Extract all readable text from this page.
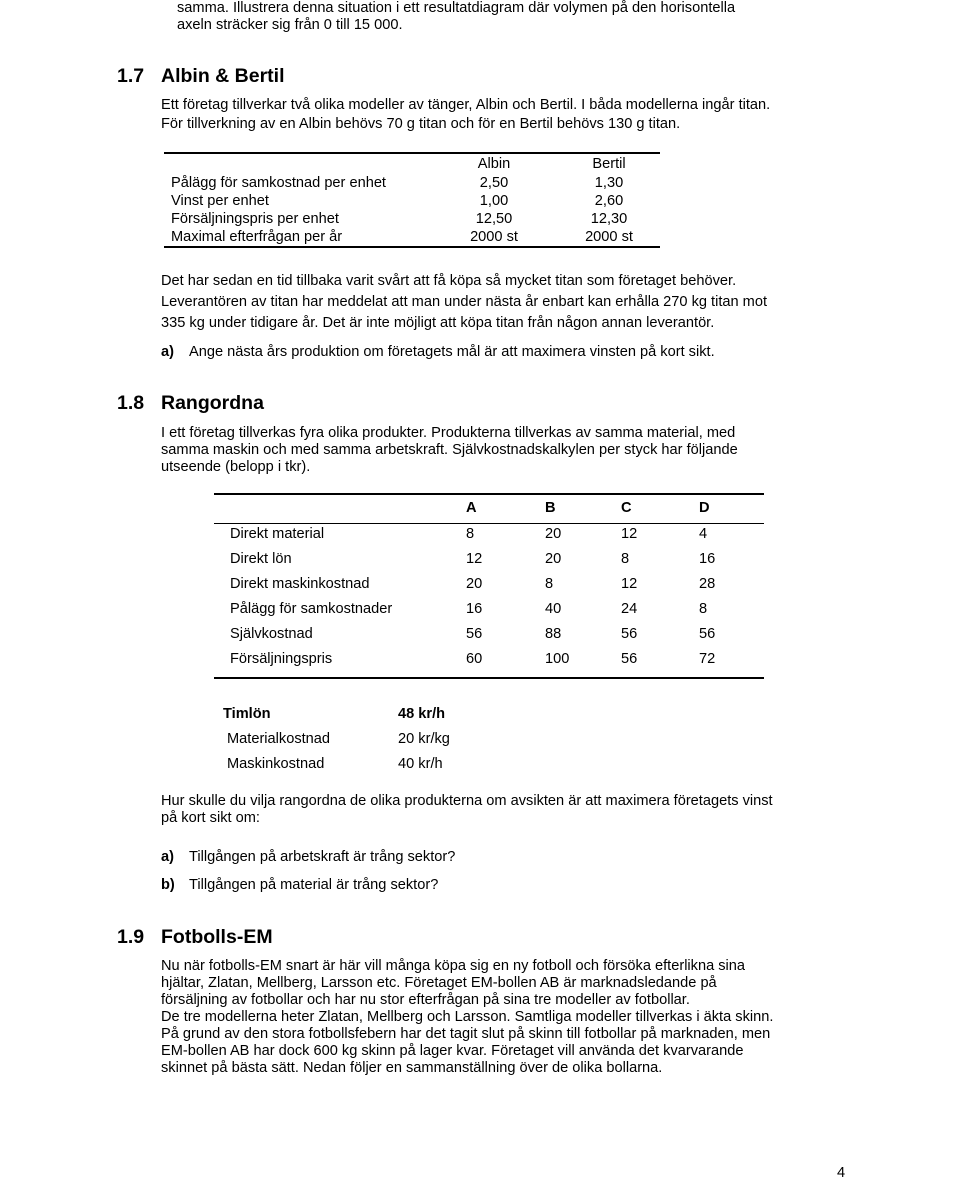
samma. Illustrera denna situation i ett resultatdiagram där volymen på den horisontella
axeln sträcker sig från 0 till 15 000.
1.7 Albin & Bertil
Ett företag tillverkar två olika modeller av tänger, Albin och Bertil. I båda modellerna ingår titan.
För tillverkning av en Albin behövs 70 g titan och för en Bertil behövs 130 g titan.
Albin	Bertil
Pålägg för samkostnad per enhet	2,50	1,30
Vinst per enhet	1,00	2,60
Försäljningspris per enhet	12,50	12,30
Maximal efterfrågan per år	2000 st	2000 st
Det har sedan en tid tillbaka varit svårt att få köpa så mycket titan som företaget behöver.
Leverantören av titan har meddelat att man under nästa år enbart kan erhålla 270 kg titan mot
335 kg under tidigare år. Det är inte möjligt att köpa titan från någon annan leverantör.
a) Ange nästa års produktion om företagets mål är att maximera vinsten på kort sikt.
1.8 Rangordna
I ett företag tillverkas fyra olika produkter. Produkterna tillverkas av samma material, med
samma maskin och med samma arbetskraft. Självkostnadskalkylen per styck har följande
utseende (belopp i tkr).
A	B	C	D
Direkt material	8	20	12	4
Direkt lön	12	20	8	16
Direkt maskinkostnad	20	8	12	28
Pålägg för samkostnader	16	40	24	8
Självkostnad	56	88	56	56
Försäljningspris	60	100	56	72
Timlön	48 kr/h
Materialkostnad	20 kr/kg
Maskinkostnad	40 kr/h
Hur skulle du vilja rangordna de olika produkterna om avsikten är att maximera företagets vinst
på kort sikt om:
a) Tillgången på arbetskraft är trång sektor?
b) Tillgången på material är trång sektor?
1.9 Fotbolls-EM
Nu när fotbolls-EM snart är här vill många köpa sig en ny fotboll och försöka efterlikna sina
hjältar, Zlatan, Mellberg, Larsson etc. Företaget EM-bollen AB är marknadsledande på
försäljning av fotbollar och har nu stor efterfrågan på sina tre modeller av fotbollar.
De tre modellerna heter Zlatan, Mellberg och Larsson. Samtliga modeller tillverkas i äkta skinn.
På grund av den stora fotbollsfebern har det tagit slut på skinn till fotbollar på marknaden, men
EM-bollen AB har dock 600 kg skinn på lager kvar. Företaget vill använda det kvarvarande
skinnet på bästa sätt. Nedan följer en sammanställning över de olika bollarna.
4
